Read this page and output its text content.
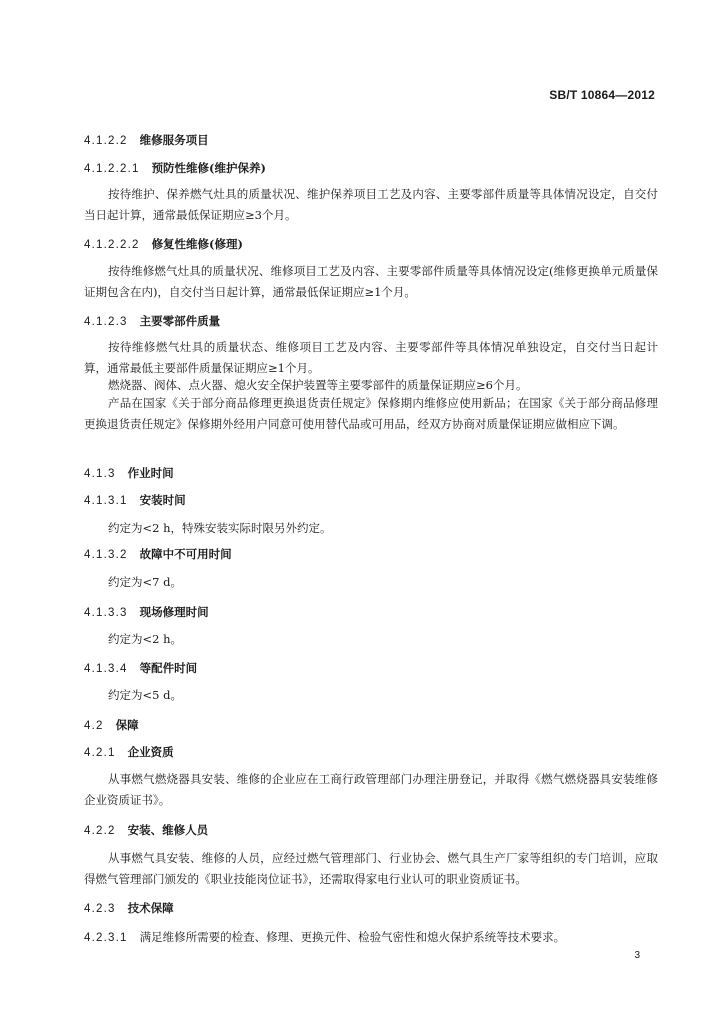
SB/T 10864—2012
4.1.2.2 维修服务项目
4.1.2.2.1 预防性维修(维护保养)

按待维护、保养燃气灶具的质量状况、维护保养项目工艺及内容、主要零部件质量等具体情况设定，自交付当日起计算，通常最低保证期应≥3个月。

4.1.2.2.2 修复性维修(修理)

按待维修燃气灶具的质量状况、维修项目工艺及内容、主要零部件质量等具体情况设定(维修更换单元质量保证期包含在内)，自交付当日起计算，通常最低保证期应≥1个月。

4.1.2.3 主要零部件质量

按待维修燃气灶具的质量状态、维修项目工艺及内容、主要零部件等具体情况单独设定，自交付当日起计算，通常最低主要部件质量保证期应≥1个月。

燃烧器、阀体、点火器、熄火安全保护装置等主要零部件的质量保证期应≥6个月。

产品在国家《关于部分商品修理更换退货责任规定》保修期内维修应使用新品；在国家《关于部分商品修理更换退货责任规定》保修期外经用户同意可使用替代品或可用品，经双方协商对质量保证期应做相应下调。

4.1.3 作业时间
4.1.3.1 安装时间

约定为<2 h，特殊安装实际时限另外约定。

4.1.3.2 故障中不可用时间

约定为<7 d。

4.1.3.3 现场修理时间

约定为<2 h。

4.1.3.4 等配件时间

约定为<5 d。

4.2 保障
4.2.1 企业资质

从事燃气燃烧器具安装、维修的企业应在工商行政管理部门办理注册登记，并取得《燃气燃烧器具安装维修企业资质证书》。

4.2.2 安装、维修人员

从事燃气具安装、维修的人员，应经过燃气管理部门、行业协会、燃气具生产厂家等组织的专门培训，应取得燃气管理部门颁发的《职业技能岗位证书》，还需取得家电行业认可的职业资质证书。

4.2.3 技术保障
4.2.3.1 满足维修所需要的检查、修理、更换元件、检验气密性和熄火保护系统等技术要求。
3
